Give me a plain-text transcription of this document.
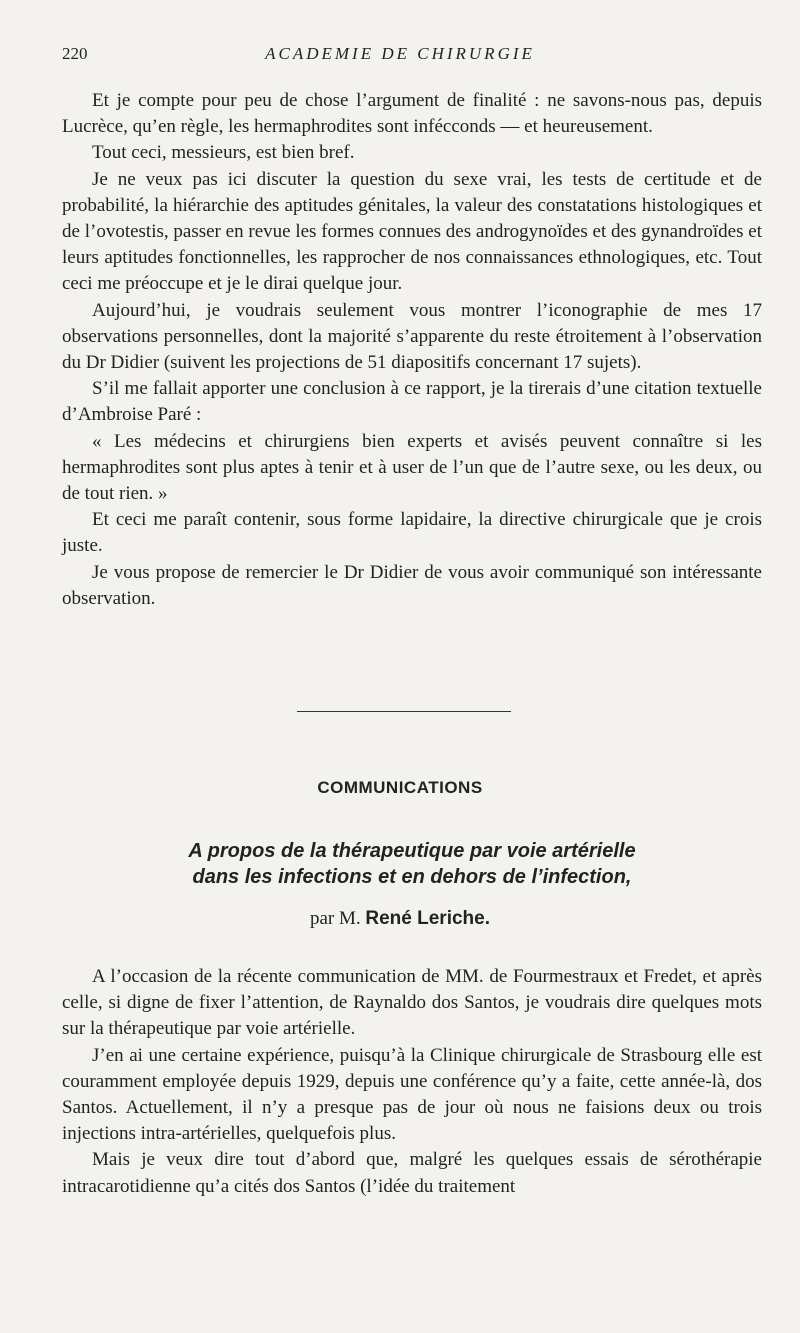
220	ACADEMIE DE CHIRURGIE

Et je compte pour peu de chose l’argument de finalité : ne savons-nous pas, depuis Lucrèce, qu’en règle, les hermaphrodites sont infécconds — et heureusement.

Tout ceci, messieurs, est bien bref.

Je ne veux pas ici discuter la question du sexe vrai, les tests de certitude et de probabilité, la hiérarchie des aptitudes génitales, la valeur des constatations histologiques et de l’ovotestis, passer en revue les formes connues des androgynoïdes et des gynandroïdes et leurs aptitudes fonctionnelles, les rapprocher de nos connaissances ethnologiques, etc. Tout ceci me préoccupe et je le dirai quelque jour.

Aujourd’hui, je voudrais seulement vous montrer l’iconographie de mes 17 observations personnelles, dont la majorité s’apparente du reste étroitement à l’observation du Dr Didier (suivent les projections de 51 diapositifs concernant 17 sujets).

S’il me fallait apporter une conclusion à ce rapport, je la tirerais d’une citation textuelle d’Ambroise Paré :

« Les médecins et chirurgiens bien experts et avisés peuvent connaître si les hermaphrodites sont plus aptes à tenir et à user de l’un que de l’autre sexe, ou les deux, ou de tout rien. »

Et ceci me paraît contenir, sous forme lapidaire, la directive chirurgicale que je crois juste.

Je vous propose de remercier le Dr Didier de vous avoir communiqué son intéressante observation.

COMMUNICATIONS
A propos de la thérapeutique par voie artérielle
dans les infections et en dehors de l’infection,
par M. René Leriche.

A l’occasion de la récente communication de MM. de Fourmestraux et Fredet, et après celle, si digne de fixer l’attention, de Raynaldo dos Santos, je voudrais dire quelques mots sur la thérapeutique par voie artérielle.

J’en ai une certaine expérience, puisqu’à la Clinique chirurgicale de Strasbourg elle est couramment employée depuis 1929, depuis une conférence qu’y a faite, cette année-là, dos Santos. Actuellement, il n’y a presque pas de jour où nous ne faisions deux ou trois injections intra-artérielles, quelquefois plus.

Mais je veux dire tout d’abord que, malgré les quelques essais de sérothérapie intracarotidienne qu’a cités dos Santos (l’idée du traitement
